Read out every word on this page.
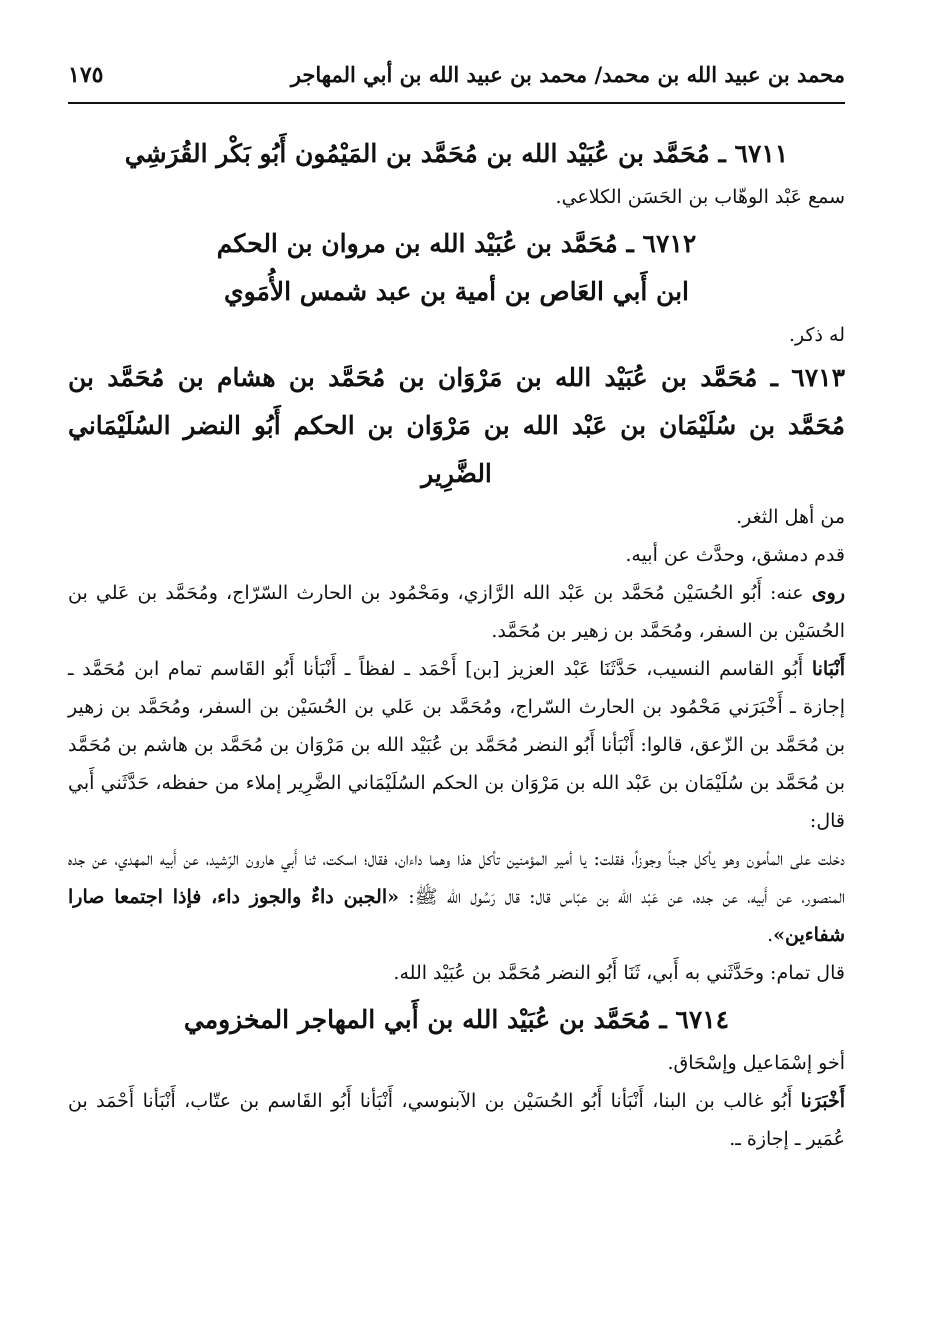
محمد بن عبيد الله بن محمد/ محمد بن عبيد الله بن أبي المهاجر
١٧٥
٦٧١١ ـ مُحَمَّد بن عُبَيْد الله بن مُحَمَّد بن المَيْمُون أَبُو بَكْر القُرَشِي

سمع عَبْد الوهّاب بن الحَسَن الكلاعي.

٦٧١٢ ـ مُحَمَّد بن عُبَيْد الله بن مروان بن الحكم
ابن أَبي العَاص بن أمية بن عبد شمس الأُمَوي

له ذكر.

٦٧١٣ ـ مُحَمَّد بن عُبَيْد الله بن مَرْوَان بن مُحَمَّد بن هشام بن مُحَمَّد بن مُحَمَّد بن سُلَيْمَان بن عَبْد الله بن مَرْوَان بن الحكم أَبُو النضر السُلَيْمَاني الضَّرِير

من أهل الثغر.

قدم دمشق، وحدَّث عن أبيه.

روى عنه: أَبُو الحُسَيْن مُحَمَّد بن عَبْد الله الرَّازي، ومَحْمُود بن الحارث السّرّاج، ومُحَمَّد بن عَلي بن الحُسَيْن بن السفر، ومُحَمَّد بن زهير بن مُحَمَّد.

أَنْبَانا أَبُو القاسم النسيب، حَدَّثَنَا عَبْد العزيز [بن] أَحْمَد ـ لفظاً ـ أَنْبَأنا أَبُو القَاسم تمام ابن مُحَمَّد ـ إجازة ـ أَخْبَرَني مَحْمُود بن الحارث السّراج، ومُحَمَّد بن عَلي بن الحُسَيْن بن السفر، ومُحَمَّد بن زهير بن مُحَمَّد بن الزّعق، قالوا: أَنْبَأنا أَبُو النضر مُحَمَّد بن عُبَيْد الله بن مَرْوَان بن مُحَمَّد بن هاشم بن مُحَمَّد بن مُحَمَّد بن سُلَيْمَان بن عَبْد الله بن مَرْوَان بن الحكم السُلَيْمَاني الضَّرِير إملاء من حفظه، حَدَّثَني أَبي قال:

دخلت على المأمون وهو يأكل جبناً وجوزاً، فقلت: يا أمير المؤمنين تأكل هذا وهما داءان، فقال؛ اسكت، ثنا أَبي هارون الرّشيد، عن أَبيه المهدي، عن جده المنصور، عن أَبيه، عن جده، عن عَبْد الله بن عبّاس قال: قال رَسُول الله ﷺ: «الجبن داءٌ والجوز داء، فإذا اجتمعا صارا شفاءين».

قال تمام: وحَدَّثَني به أَبي، ثَنَا أَبُو النضر مُحَمَّد بن عُبَيْد الله.

٦٧١٤ ـ مُحَمَّد بن عُبَيْد الله بن أَبي المهاجر المخزومي

أخو إسْمَاعيل وإسْحَاق.

أَخْبَرَنا أَبُو غالب بن البنا، أَنْبَأنا أَبُو الحُسَيْن بن الآبنوسي، أَنْبَأنا أَبُو القَاسم بن عتّاب، أَنْبَأنا أَحْمَد بن عُمَير ـ إجازة ـ.
